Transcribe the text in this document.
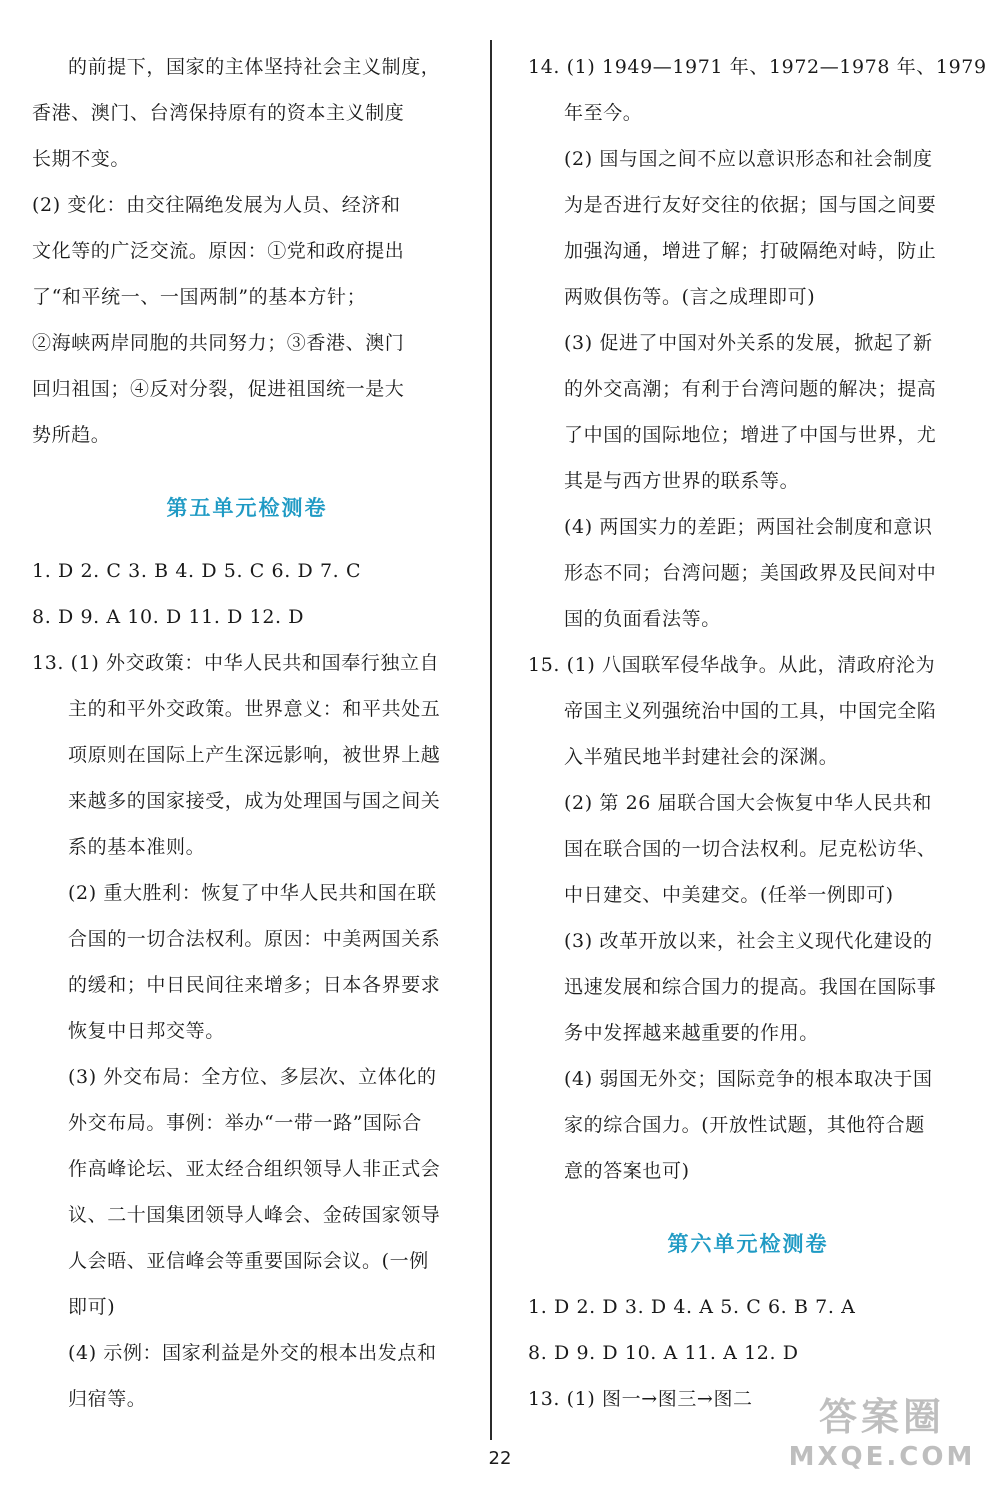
的前提下，国家的主体坚持社会主义制度，
香港、澳门、台湾保持原有的资本主义制度
长期不变。
(2) 变化：由交往隔绝发展为人员、经济和
文化等的广泛交流。原因：①党和政府提出
了“和平统一、一国两制”的基本方针；
②海峡两岸同胞的共同努力；③香港、澳门
回归祖国；④反对分裂，促进祖国统一是大
势所趋。
第五单元检测卷
1. D 2. C 3. B 4. D 5. C 6. D 7. C
8. D 9. A 10. D 11. D 12. D
13. (1) 外交政策：中华人民共和国奉行独立自
主的和平外交政策。世界意义：和平共处五
项原则在国际上产生深远影响，被世界上越
来越多的国家接受，成为处理国与国之间关
系的基本准则。
(2) 重大胜利：恢复了中华人民共和国在联
合国的一切合法权利。原因：中美两国关系
的缓和；中日民间往来增多；日本各界要求
恢复中日邦交等。
(3) 外交布局：全方位、多层次、立体化的
外交布局。事例：举办“一带一路”国际合
作高峰论坛、亚太经合组织领导人非正式会
议、二十国集团领导人峰会、金砖国家领导
人会晤、亚信峰会等重要国际会议。(一例
即可)
(4) 示例：国家利益是外交的根本出发点和
归宿等。
14. (1) 1949—1971 年、1972—1978 年、1979
年至今。
(2) 国与国之间不应以意识形态和社会制度
为是否进行友好交往的依据；国与国之间要
加强沟通，增进了解；打破隔绝对峙，防止
两败俱伤等。(言之成理即可)
(3) 促进了中国对外关系的发展，掀起了新
的外交高潮；有利于台湾问题的解决；提高
了中国的国际地位；增进了中国与世界，尤
其是与西方世界的联系等。
(4) 两国实力的差距；两国社会制度和意识
形态不同；台湾问题；美国政界及民间对中
国的负面看法等。
15. (1) 八国联军侵华战争。从此，清政府沦为
帝国主义列强统治中国的工具，中国完全陷
入半殖民地半封建社会的深渊。
(2) 第 26 届联合国大会恢复中华人民共和
国在联合国的一切合法权利。尼克松访华、
中日建交、中美建交。(任举一例即可)
(3) 改革开放以来，社会主义现代化建设的
迅速发展和综合国力的提高。我国在国际事
务中发挥越来越重要的作用。
(4) 弱国无外交；国际竞争的根本取决于国
家的综合国力。(开放性试题，其他符合题
意的答案也可)
第六单元检测卷
1. D 2. D 3. D 4. A 5. C 6. B 7. A
8. D 9. D 10. A 11. A 12. D
13. (1) 图一→图三→图二
22
答案圈
MXQE.COM
